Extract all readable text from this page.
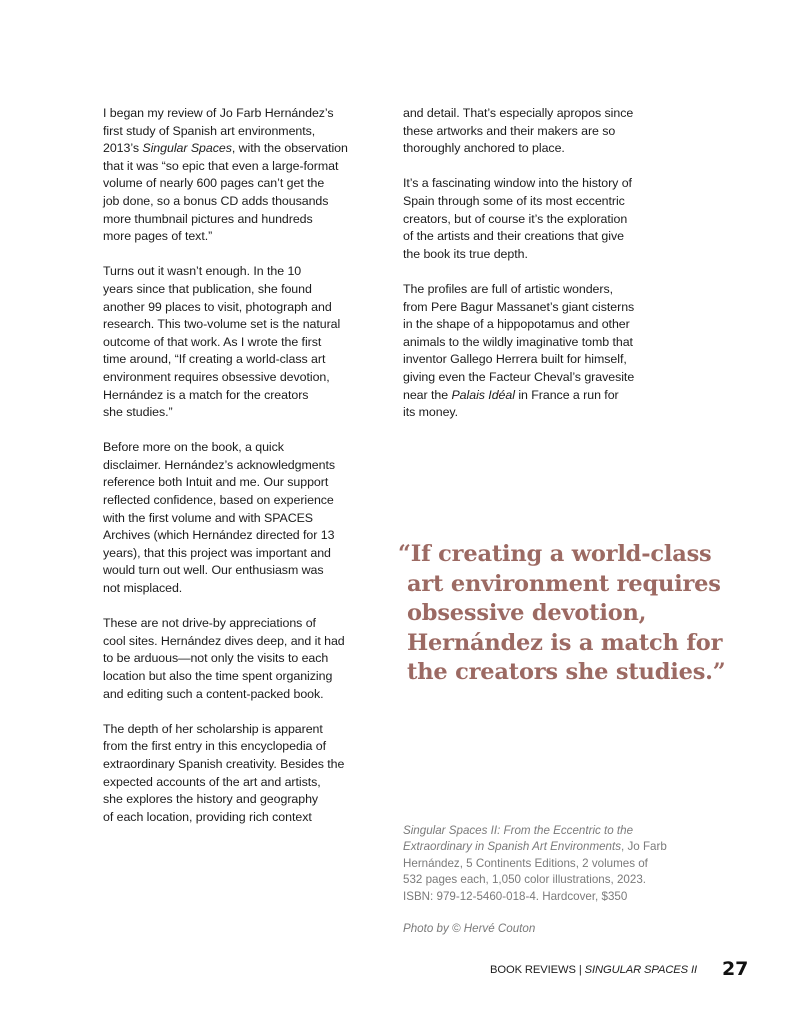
I began my review of Jo Farb Hernández’s
first study of Spanish art environments,
2013’s Singular Spaces, with the observation
that it was “so epic that even a large-format
volume of nearly 600 pages can’t get the
job done, so a bonus CD adds thousands
more thumbnail pictures and hundreds
more pages of text.”

Turns out it wasn’t enough. In the 10
years since that publication, she found
another 99 places to visit, photograph and
research. This two-volume set is the natural
outcome of that work. As I wrote the first
time around, “If creating a world-class art
environment requires obsessive devotion,
Hernández is a match for the creators
she studies.”

Before more on the book, a quick
disclaimer. Hernández’s acknowledgments
reference both Intuit and me. Our support
reflected confidence, based on experience
with the first volume and with SPACES
Archives (which Hernández directed for 13
years), that this project was important and
would turn out well. Our enthusiasm was
not misplaced.

These are not drive-by appreciations of
cool sites. Hernández dives deep, and it had
to be arduous—not only the visits to each
location but also the time spent organizing
and editing such a content-packed book.

The depth of her scholarship is apparent
from the first entry in this encyclopedia of
extraordinary Spanish creativity. Besides the
expected accounts of the art and artists,
she explores the history and geography
of each location, providing rich context

and detail. That’s especially apropos since
these artworks and their makers are so
thoroughly anchored to place.

It’s a fascinating window into the history of
Spain through some of its most eccentric
creators, but of course it’s the exploration
of the artists and their creations that give
the book its true depth.

The profiles are full of artistic wonders,
from Pere Bagur Massanet’s giant cisterns
in the shape of a hippopotamus and other
animals to the wildly imaginative tomb that
inventor Gallego Herrera built for himself,
giving even the Facteur Cheval’s gravesite
near the Palais Idéal in France a run for
its money.

“If creating a world-class
art environment requires
obsessive devotion,
Hernández is a match for
the creators she studies.”
Singular Spaces II: From the Eccentric to the
Extraordinary in Spanish Art Environments, Jo Farb
Hernández, 5 Continents Editions, 2 volumes of
532 pages each, 1,050 color illustrations, 2023.
ISBN: 979-12-5460-018-4. Hardcover, $350
Photo by © Hervé Couton
BOOK REVIEWS | SINGULAR SPACES II 27
